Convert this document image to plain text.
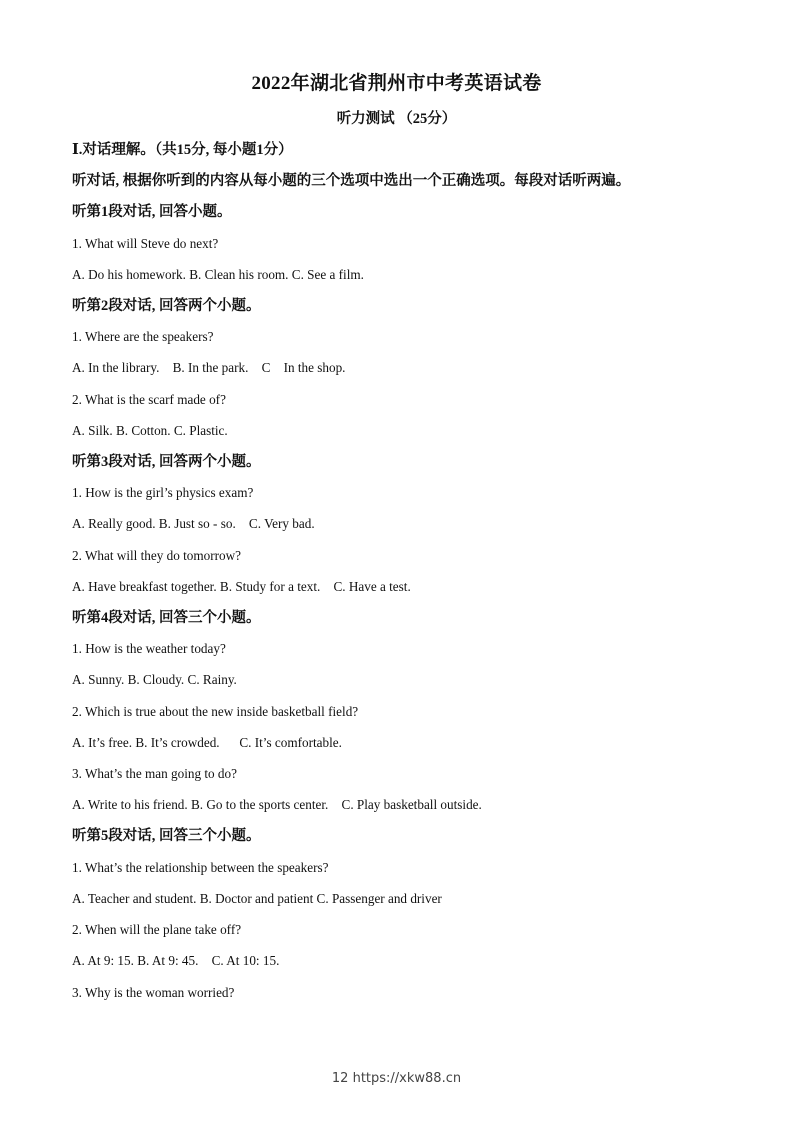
2022年湖北省荆州市中考英语试卷
听力测试 （25分）
Ⅰ.对话理解。（共15分, 每小题1分）
听对话, 根据你听到的内容从每小题的三个选项中选出一个正确选项。每段对话听两遍。
听第1段对话, 回答小题。
1. What will Steve do next?
A. Do his homework. B. Clean his room. C. See a film.
听第2段对话, 回答两个小题。
1. Where are the speakers?
A. In the library.    B. In the park.    C    In the shop.
2. What is the scarf made of?
A. Silk. B. Cotton. C. Plastic.
听第3段对话, 回答两个小题。
1. How is the girl’s physics exam?
A. Really good. B. Just so - so.    C. Very bad.
2. What will they do tomorrow?
A. Have breakfast together. B. Study for a text.    C. Have a test.
听第4段对话, 回答三个小题。
1. How is the weather today?
A. Sunny. B. Cloudy. C. Rainy.
2. Which is true about the new inside basketball field?
A. It’s free. B. It’s crowded.      C. It’s comfortable.
3. What’s the man going to do?
A. Write to his friend. B. Go to the sports center.    C. Play basketball outside.
听第5段对话, 回答三个小题。
1. What’s the relationship between the speakers?
A. Teacher and student. B. Doctor and patient C. Passenger and driver
2. When will the plane take off?
A. At 9: 15. B. At 9: 45.    C. At 10: 15.
3. Why is the woman worried?
12 https://xkw88.cn
